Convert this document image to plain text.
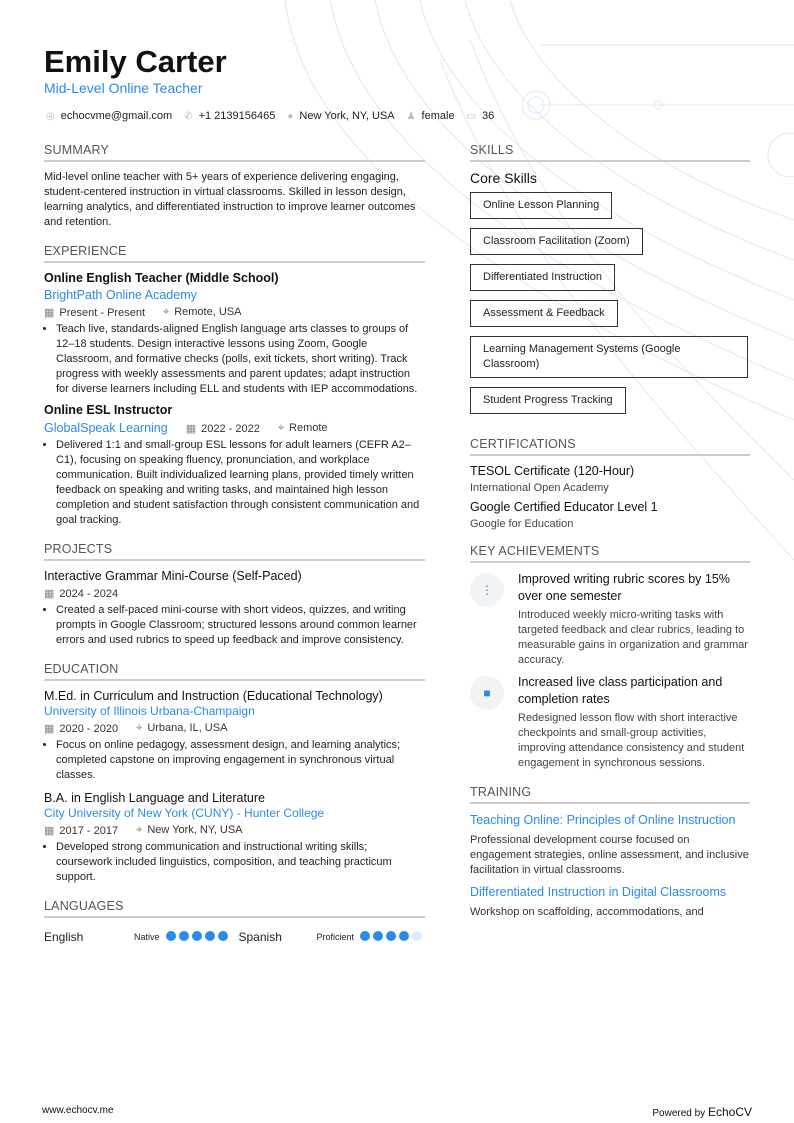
Emily Carter
Mid-Level Online Teacher
◎ echocvme@gmail.com ✆ +1 2139156465 ● New York, NY, USA ♟ female ▭ 36
SUMMARY
Mid-level online teacher with 5+ years of experience delivering engaging, student-centered instruction in virtual classrooms. Skilled in lesson design, learning analytics, and differentiated instruction to improve learner outcomes and retention.
EXPERIENCE
Online English Teacher (Middle School)
BrightPath Online Academy
▦ Present - Present ⌖ Remote, USA
• Teach live, standards-aligned English language arts classes to groups of 12–18 students. Design interactive lessons using Zoom, Google Classroom, and formative checks (polls, exit tickets, short writing). Track progress with weekly assessments and parent updates; adapt instruction for diverse learners including ELL and students with IEP accommodations.
Online ESL Instructor
GlobalSpeak Learning ▦ 2022 - 2022 ⌖ Remote
• Delivered 1:1 and small-group ESL lessons for adult learners (CEFR A2–C1), focusing on speaking fluency, pronunciation, and workplace communication. Built individualized learning plans, provided timely written feedback on speaking and writing tasks, and maintained high lesson completion and student satisfaction through consistent communication and goal tracking.
PROJECTS
Interactive Grammar Mini-Course (Self-Paced)
▦ 2024 - 2024
• Created a self-paced mini-course with short videos, quizzes, and writing prompts in Google Classroom; structured lessons around common learner errors and used rubrics to speed up feedback and improve consistency.
EDUCATION
M.Ed. in Curriculum and Instruction (Educational Technology)
University of Illinois Urbana-Champaign
▦ 2020 - 2020 ⌖ Urbana, IL, USA
• Focus on online pedagogy, assessment design, and learning analytics; completed capstone on improving engagement in synchronous virtual classes.
B.A. in English Language and Literature
City University of New York (CUNY) - Hunter College
▦ 2017 - 2017 ⌖ New York, NY, USA
• Developed strong communication and instructional writing skills; coursework included linguistics, composition, and teaching practicum support.
LANGUAGES
English	Native	Spanish	Proficient
SKILLS
Core Skills
Online Lesson Planning
Classroom Facilitation (Zoom)
Differentiated Instruction
Assessment & Feedback
Learning Management Systems (Google Classroom)
Student Progress Tracking
CERTIFICATIONS
TESOL Certificate (120-Hour)
International Open Academy
Google Certified Educator Level 1
Google for Education
KEY ACHIEVEMENTS
⋮
Improved writing rubric scores by 15% over one semester
Introduced weekly micro-writing tasks with targeted feedback and clear rubrics, leading to measurable gains in organization and grammar accuracy.
■
Increased live class participation and completion rates
Redesigned lesson flow with short interactive checkpoints and small-group activities, improving attendance consistency and student engagement in synchronous sessions.
TRAINING
Teaching Online: Principles of Online Instruction
Professional development course focused on engagement strategies, online assessment, and inclusive facilitation in virtual classrooms.
Differentiated Instruction in Digital Classrooms
Workshop on scaffolding, accommodations, and
www.echocv.me	Powered by EchoCV
